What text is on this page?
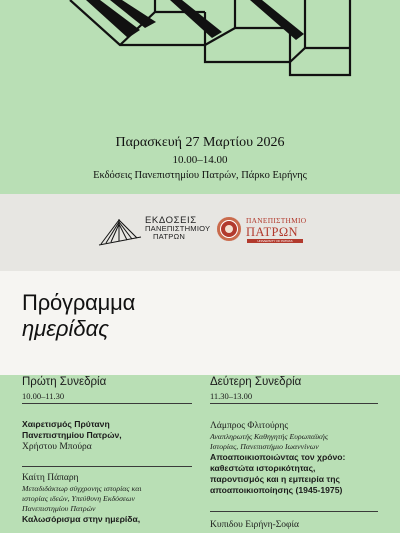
Παρασκευή 27 Μαρτίου 2026
10.00–14.00
Εκδόσεις Πανεπιστημίου Πατρών, Πάρκο Ειρήνης
ΕΚΔΟΣΕΙΣ
ΠΑΝΕΠΙΣΤΗΜΙΟΥ
ΠΑΤΡΩΝ
ΠΑΝΕΠΙΣΤΗΜΙΟ
ΠΑΤΡΩΝ
UNIVERSITY OF PATRAS
Πρόγραμμα
ημερίδας
Πρώτη Συνεδρία
10.00–11.30
Χαιρετισμός Πρύτανη
Πανεπιστημίου Πατρών,
Χρήστου Μπούρα
Καίτη Πάπαρη
Μεταδιδάκτωρ σύγχρονης ιστορίας και
ιστορίας ιδεών, Υπεύθυνη Εκδόσεων
Πανεπιστημίου Πατρών
Καλωσόρισμα στην ημερίδα,
Δεύτερη Συνεδρία
11.30–13.00
Λάμπρος Φλιτούρης
Αναπληρωτής Καθηγητής Ευρωπαϊκής
Ιστορίας, Πανεπιστήμιο Ιωαννίνων
Αποαποικιοποιώντας τον χρόνο:
καθεστώτα ιστορικότητας,
παροντισμός και η εμπειρία της
αποαποικιοποίησης (1945-1975)
Κυπιδου Ειρήνη-Σοφία
